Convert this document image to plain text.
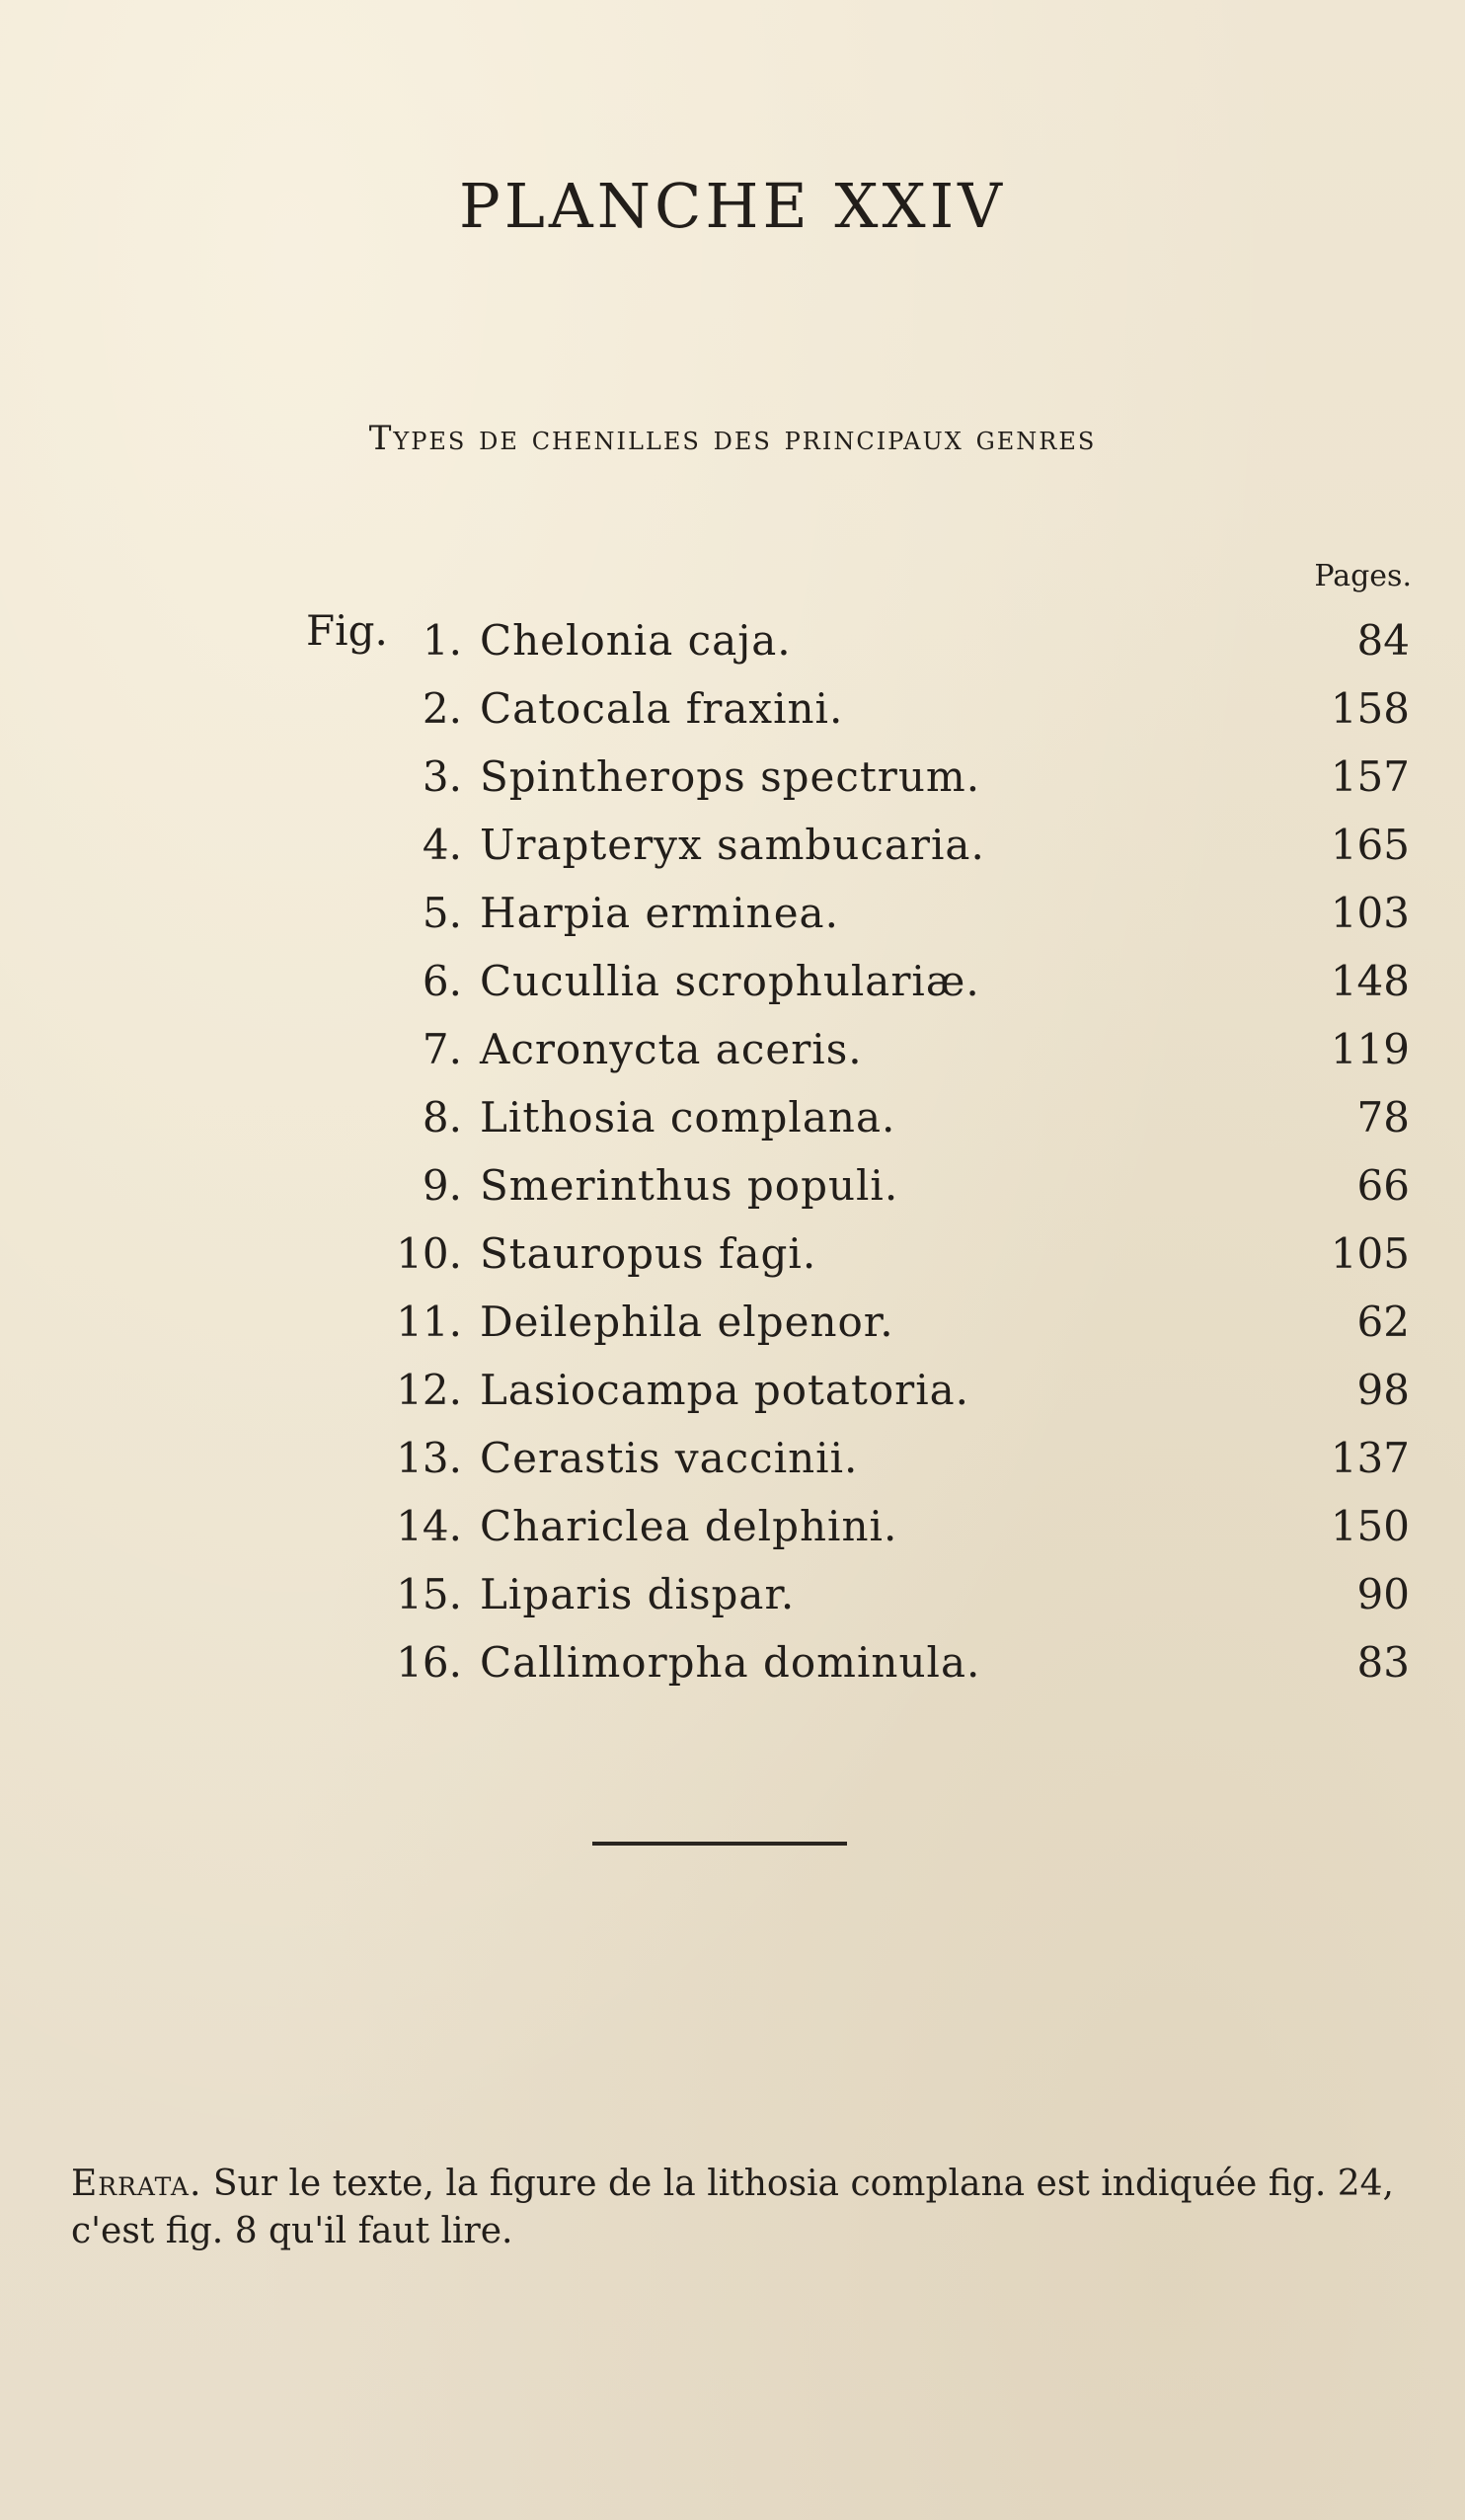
PLANCHE XXIV
Types de chenilles des principaux genres
Pages.
Fig. 1. Chelonia caja.	84
2. Catocala fraxini.	158
3. Spintherops spectrum.	157
4. Urapteryx sambucaria.	165
5. Harpia erminea.	103
6. Cucullia scrophulariæ.	148
7. Acronycta aceris.	119
8. Lithosia complana.	78
9. Smerinthus populi.	66
10. Stauropus fagi.	105
11. Deilephila elpenor.	62
12. Lasiocampa potatoria.	98
13. Cerastis vaccinii.	137
14. Chariclea delphini.	150
15. Liparis dispar.	90
16. Callimorpha dominula.	83
Errata. Sur le texte, la figure de la lithosia complana est indiquée fig. 24, c'est fig. 8 qu'il faut lire.
